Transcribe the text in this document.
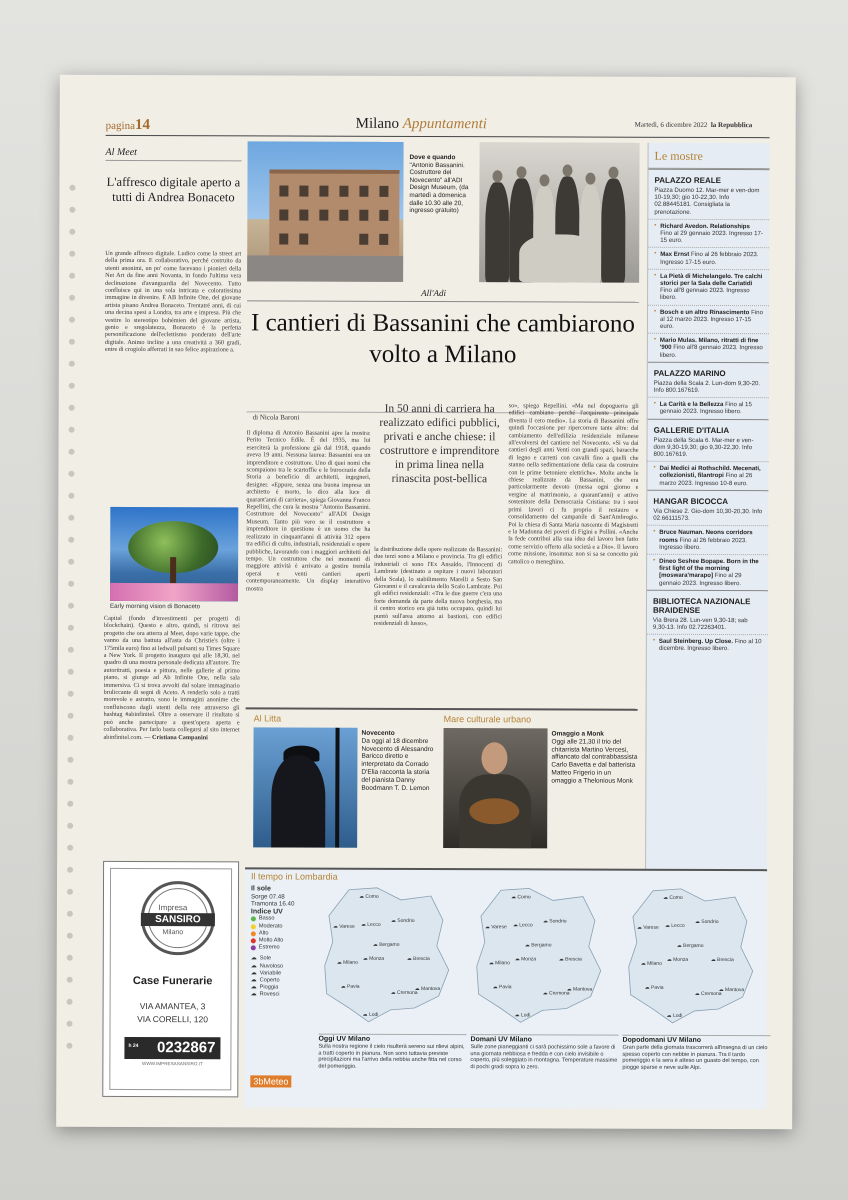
pagina14	Milano Appuntamenti	Martedì, 6 dicembre 2022 la Repubblica
Al Meet
L'affresco digitale aperto a tutti di Andrea Bonaceto
Un grande affresco digitale. Ludico come la street art della prima ora. E collaborativo, perché costruito da utenti anonimi, un po' come facevano i pionieri della Net Art da fine anni Novanta, in fondo l'ultima vera declinazione d'avanguardia del Novecento. Tutto confluisce qui in una sola intricata e coloratissima immagine in divenire. È AB Infinite One, del giovane artista pisano Andrea Bonaceto. Trentatré anni, di cui una decina spesi a Londra, tra arte e impresa. Più che vestire lo stereotipo bohémien del giovane artista, genio e sregolatezza, Bonaceto è la perfetta personificazione dell'eclettismo ponderato dell'arte digitale. Animo incline a una creatività a 360 gradi, entre di crogiolo afferrati in suo felice aspirazione a.
Early morning vision di Bonaceto
Capital (fondo d'investimenti per progetti di blockchain). Questo e altro, quindi, si ritrova nei progetto che ora atterra al Meet, dopo varie tappe, che vanno da una battuta all'asta da Christie's (oltre i 175mila euro) fino ai ledwall pulsanti su Times Square a New York. Il progetto inaugura qui alle 18,30, nel quadro di una mostra personale dedicata all'autore. Tre autoritratti, poesia e pittura, nelle gallerie al primo piano, si giunge ad Ab Infinite One, nella sala immersiva. Ci si trova avvolti dal solare immaginario bruliccante di segni di Aceto. A renderlo solo a tratti morevole e astratto, sono le immagini anonime che confluiscono dagli utenti della rete attraverso gli hashtag #abinfinitel. Oltre a osservare il risultato si può anche partecipare a quest'opera aperta e collaborativa. Per farlo basta collegarsi al sito internet abinfinitel.com. — Cristiana Campanini
Dove e quando
"Antonio Bassanini. Costruttore del Novecento" all'ADI Design Museum, (da martedì a domenica dalle 10.30 alle 20, ingresso gratuito)
All'Adi
I cantieri di Bassanini che cambiarono volto a Milano
di Nicola Baroni
Il diploma di Antonio Bassanini apre la mostra: Perito Tecnico Edile. È del 1935, ma lui eserciterà la professione già dal 1918, quando aveva 19 anni. Nessuna laurea: Bassanini era un imprenditore e costruttore. Uno di quei nomi che scompaiono tra le scartoffie e le burocrazie della Storia a beneficio di architetti, ingegneri, designer. «Eppure, senza una buona impresa un architetto è morto, lo dico alla luce di quarant'anni di carriera», spiega Giovanna Franco Repellini, che cura la mostra "Antonio Bassanini. Costruttore del Novecento" all'ADI Design Museum. Tanto più vero se il costruttore e imprenditore in questione è un uomo che ha realizzato in cinquant'anni di attività 312 opere tra edifici di culto, industriali, residenziali e opere pubbliche, lavorando con i maggiori architetti del tempo. Un costruttore che nei momenti di maggiore attività è arrivato a gestire tremila operai e venti cantieri aperti contemporaneamente. Un display interattivo mostra
In 50 anni di carriera ha realizzato edifici pubblici, privati e anche chiese: il costruttore e imprenditore in prima linea nella rinascita post-bellica
la distribuzione delle opere realizzate da Bassanini: due terzi sono a Milano e provincia. Tra gli edifici industriali ci sono l'Ex Ansaldo, l'Innocenti di Lambrate (destinato a ospitare i nuovi laboratori della Scala), lo stabilimento Marelli a Sesto San Giovanni e il cavalcavia dello Scalo Lambrate. Poi gli edifici residenziali: «Tra le due guerre c'era una forte domanda da parte della nuova borghesia, ma il centro storico era già tutto occupato, quindi lui puntò sull'area attorno ai bastioni, con edifici residenziali di lusso»,
so», spiega Repellini. «Ma nel dopoguerra gli edifici cambiano perché l'acquirente principale diventa il ceto medio». La storia di Bassanini offre quindi l'occasione per ripercorrere tante altre: dal cambiamento dell'edilizia residenziale milanese all'evolversi del cantiere nel Novecento. «Si va dai cantieri degli anni Venti con grandi spazi, baracche di legno e carretti con cavalli fino a quelli che stanno nella sedimentazione della casa da costruire con le prime betoniere elettriche». Molte anche le chiese realizzate da Bassanini, che era particolarmente devoto (messa ogni giorno e vergine al matrimonio, a quarant'anni) e attivo sostenitore della Democrazia Cristiana: tra i suoi primi lavori ci fu proprio il restauro e consolidamento del campanile di Sant'Ambrogio. Poi la chiesa di Santa Maria nascente di Magistretti e la Madonna dei poveri di Figini e Pollini. «Anche la fede contribuì alla sua idea del lavoro ben fatto come servizio offerto alla società e a Dio». Il lavoro come missione, insomma: non si sa se concetto più cattolico o meneghino.
Al Litta	Mare culturale urbano
Novecento
Da oggi al 18 dicembre Novecento di Alessandro Baricco diretto e interpretato da Corrado D'Elia racconta la storia del pianista Danny Boodmann T. D. Lemon
Omaggio a Monk
Oggi alle 21,30 il trio del chitarrista Martino Vercesi, affiancato dal contrabbassista Carlo Bavetta e dal batterista Matteo Frigerio in un omaggio a Thelonious Monk
Le mostre
PALAZZO REALE
Piazza Duomo 12. Mar-mer e ven-dom 10-19,30; gio 10-22,30. Info 02.88445181. Consigliata la prenotazione.
• Richard Avedon. Relationships Fino al 29 gennaio 2023. Ingresso 17-15 euro.
• Max Ernst Fino al 26 febbraio 2023. Ingresso 17-15 euro.
• La Pietà di Michelangelo. Tre calchi storici per la Sala delle Cariatidi Fino all'8 gennaio 2023. Ingresso libero.
• Bosch e un altro Rinascimento Fino al 12 marzo 2023. Ingresso 17-15 euro.
• Mario Mulas. Milano, ritratti di fine '900 Fino all'8 gennaio 2023. Ingresso libero.
PALAZZO MARINO
Piazza della Scala 2. Lun-dom 9,30-20. Info 800.167619.
• La Carità e la Bellezza Fino al 15 gennaio 2023. Ingresso libero.
GALLERIE D'ITALIA
Piazza della Scala 6. Mar-mer e ven-dom 9,30-19,30; gio 9,30-22,30. Info 800.167619.
• Dai Medici ai Rothschild. Mecenati, collezionisti, filantropi Fino al 26 marzo 2023. Ingresso 10-8 euro.
HANGAR BICOCCA
Via Chiese 2. Gio-dom 10,30-20,30. Info 02.66111573.
• Bruce Nauman. Neons corridors rooms Fino al 26 febbraio 2023. Ingresso libero.
• Dineo Seshee Bopape. Born in the first light of the morning [moswara'marapo] Fino al 29 gennaio 2023. Ingresso libero.
BIBLIOTECA NAZIONALE BRAIDENSE
Via Brera 28. Lun-ven 9,30-18; sab 9,30-13. Info 02.72263401.
• Saul Steinberg. Up Close. Fino al 10 dicembre. Ingresso libero.
Impresa
SANSIRO
Milano
Case Funerarie
VIA AMANTEA, 3
VIA CORELLI, 120
h 24 0232867
WWW.IMPRESASANSIRO.IT
Il tempo in Lombardia
Il sole
Sorge 07.48
Tramonta 16.40
Indice UV
Basso
Moderato
Alto
Molto Alto
Estremo
☁ Sole
☁ Nuvoloso
☁ Variabile
☁ Coperto
☁ Pioggia
☁ Rovesci
☁ Como
☁ Varese ☁ Lecco
☁ Sondrio
☁ Bergamo
☁ Monza
☁ Milano
☁ Brescia
☁ Pavia
☁ Cremona
☁ Mantova
☁ Lodi
☁ Como
☁ Varese ☁ Lecco
☁ Sondrio
☁ Bergamo
☁ Monza
☁ Milano
☁ Brescia
☁ Pavia
☁ Cremona
☁ Mantova
☁ Lodi
☁ Como
☁ Varese ☁ Lecco
☁ Sondrio
☁ Bergamo
☁ Monza
☁ Milano
☁ Brescia
☁ Pavia
☁ Cremona
☁ Mantova
☁ Lodi
Oggi UV Milano
Sulla nostra regione il cielo risulterà sereno sui rilievi alpini, a tratti coperto in pianura. Non sono tuttavia previste precipitazioni ma l'arrivo della nebbia anche fitta nel corso del pomeriggio.
Domani UV Milano
Sulle zone pianeggianti ci sarà pochissimo sole a favore di una giornata nebbiosa e fredda e con cielo invisibile o coperto, più soleggiato in montagna. Temperature massime di pochi gradi sopra lo zero.
Dopodomani UV Milano
Gran parte della giornata trascorrerà all'insegna di un cielo spesso coperto con nebbie in pianura. Tra il tardo pomeriggio e la sera è atteso un guasto del tempo, con piogge sparse e neve sulle Alpi.
3bMeteo
